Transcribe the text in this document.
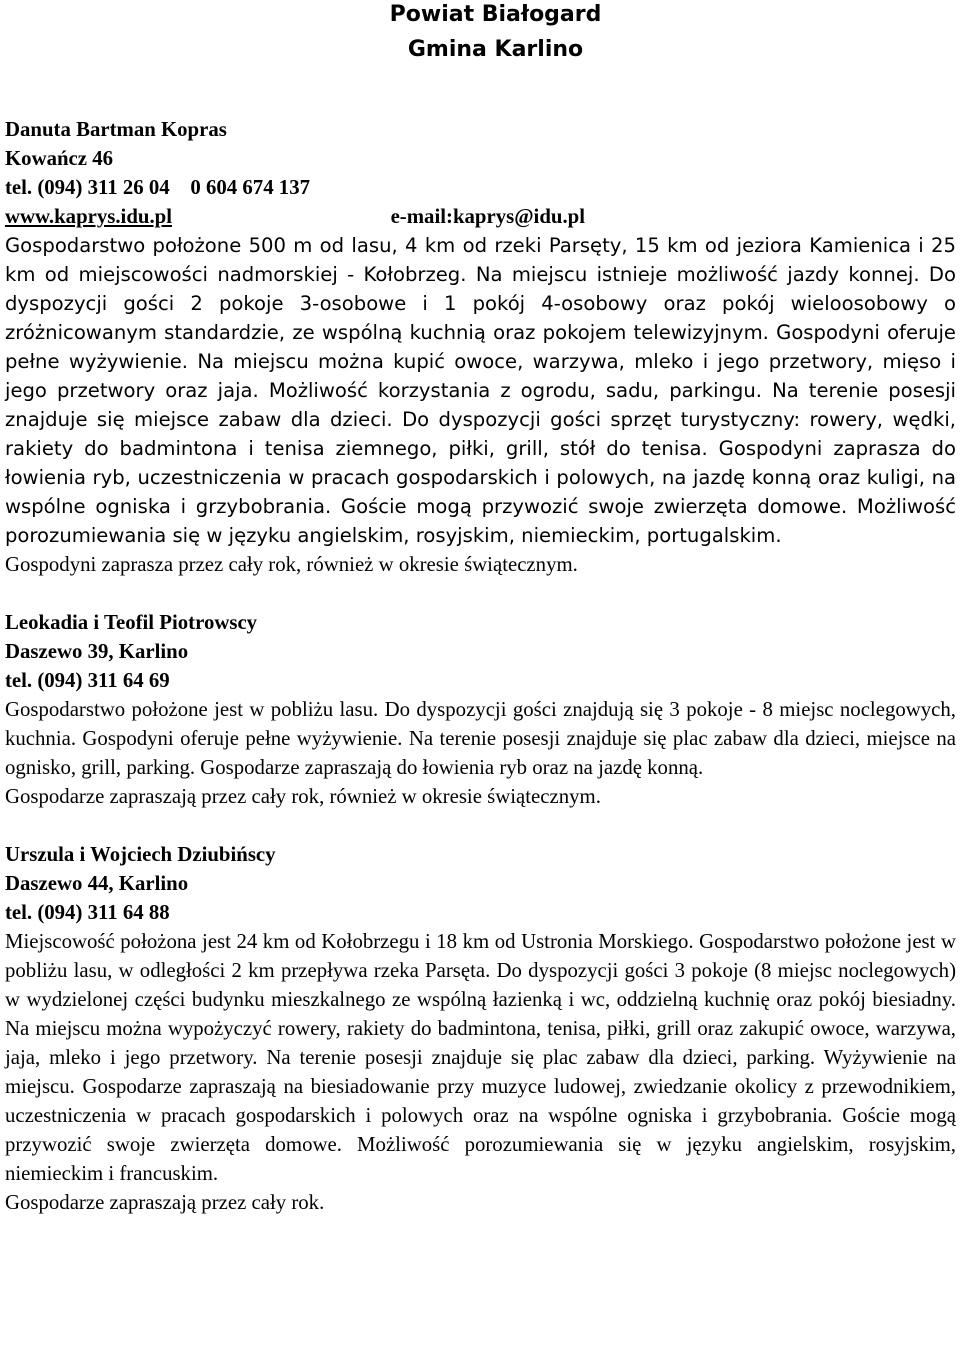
Powiat Białogard
Gmina Karlino
Danuta Bartman Kopras
Kowańcz 46
tel. (094) 311 26 04    0 604 674 137
www.kaprys.idu.pl	e-mail:kaprys@idu.pl
Gospodarstwo położone 500 m od lasu, 4 km od rzeki Parsęty, 15 km od jeziora Kamienica i 25 km od miejscowości nadmorskiej - Kołobrzeg. Na miejscu istnieje możliwość jazdy konnej. Do dyspozycji gości 2 pokoje 3-osobowe i 1 pokój 4-osobowy oraz pokój wieloosobowy o zróżnicowanym standardzie, ze wspólną kuchnią oraz pokojem telewizyjnym. Gospodyni oferuje pełne wyżywienie. Na miejscu można kupić owoce, warzywa, mleko i jego przetwory, mięso i jego przetwory oraz jaja. Możliwość korzystania z ogrodu, sadu, parkingu. Na terenie posesji znajduje się miejsce zabaw dla dzieci. Do dyspozycji gości sprzęt turystyczny: rowery, wędki, rakiety do badmintona i tenisa ziemnego, piłki, grill, stół do tenisa. Gospodyni zaprasza do łowienia ryb, uczestniczenia w pracach gospodarskich i polowych, na jazdę konną oraz kuligi, na wspólne ogniska i grzybobrania. Goście mogą przywozić swoje zwierzęta domowe. Możliwość porozumiewania się w języku angielskim, rosyjskim, niemieckim, portugalskim.
Gospodyni zaprasza przez cały rok, również w okresie świątecznym.
Leokadia i Teofil Piotrowscy
Daszewo 39, Karlino
tel. (094) 311 64 69
Gospodarstwo położone jest w pobliżu lasu. Do dyspozycji gości znajdują się 3 pokoje - 8 miejsc noclegowych, kuchnia. Gospodyni oferuje pełne wyżywienie. Na terenie posesji znajduje się plac zabaw dla dzieci, miejsce na ognisko, grill, parking. Gospodarze zapraszają do łowienia ryb oraz na jazdę konną.
Gospodarze zapraszają przez cały rok, również w okresie świątecznym.
Urszula i Wojciech Dziubińscy
Daszewo 44, Karlino
tel. (094) 311 64 88
Miejscowość położona jest 24 km od Kołobrzegu i 18 km od Ustronia Morskiego. Gospodarstwo położone jest w pobliżu lasu, w odległości 2 km przepływa rzeka Parsęta. Do dyspozycji gości 3 pokoje (8 miejsc noclegowych) w wydzielonej części budynku mieszkalnego ze wspólną łazienką i wc, oddzielną kuchnię oraz pokój biesiadny. Na miejscu można wypożyczyć rowery, rakiety do badmintona, tenisa, piłki, grill oraz zakupić owoce, warzywa, jaja, mleko i jego przetwory. Na terenie posesji znajduje się plac zabaw dla dzieci, parking. Wyżywienie na miejscu. Gospodarze zapraszają na biesiadowanie przy muzyce ludowej, zwiedzanie okolicy z przewodnikiem, uczestniczenia w pracach gospodarskich i polowych oraz na wspólne ogniska i grzybobrania. Goście mogą przywozić swoje zwierzęta domowe. Możliwość porozumiewania się w języku angielskim, rosyjskim, niemieckim i francuskim.
Gospodarze zapraszają przez cały rok.
